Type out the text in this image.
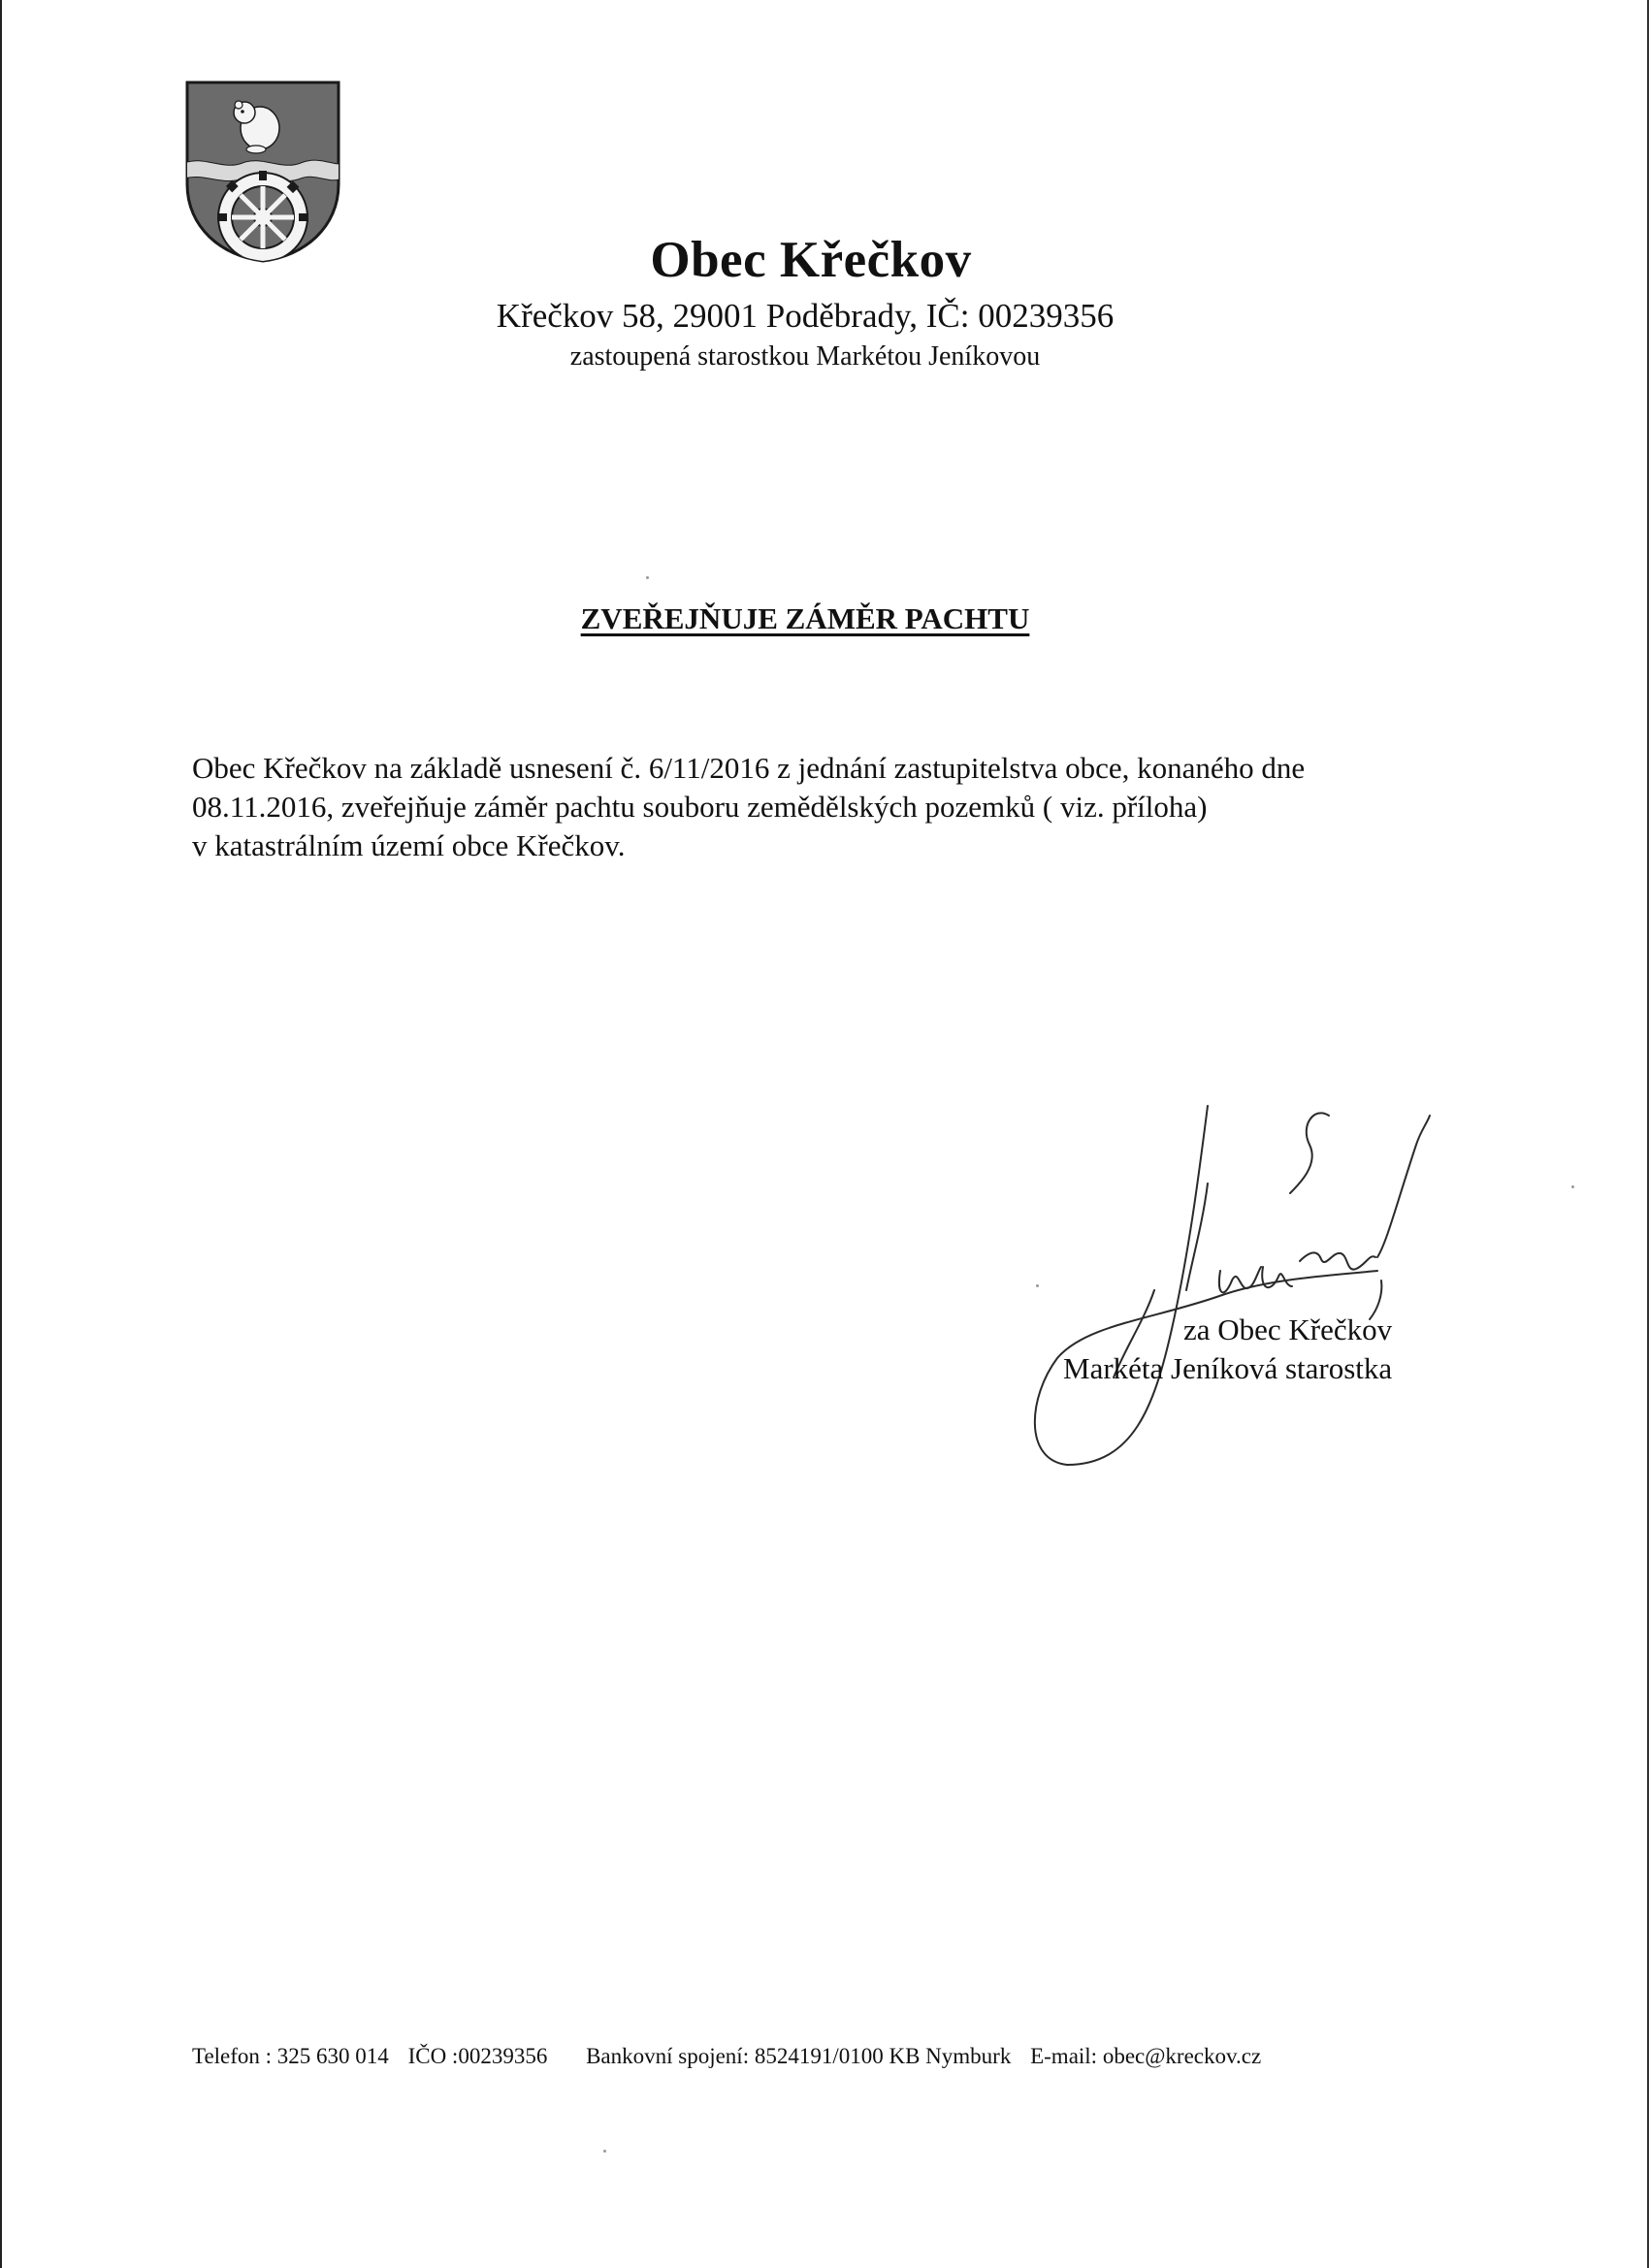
Obec Křečkov
Křečkov 58, 29001 Poděbrady, IČ: 00239356
zastoupená starostkou Markétou Jeníkovou
ZVEŘEJŇUJE ZÁMĚR PACHTU
Obec Křečkov na základě usnesení č. 6/11/2016 z jednání zastupitelstva obce, konaného dne
08.11.2016, zveřejňuje záměr pachtu souboru zemědělských pozemků ( viz. příloha)
v katastrálním území obce Křečkov.
za Obec Křečkov
Markéta Jeníková starostka
Telefon : 325 630 014 IČO :00239356 Bankovní spojení: 8524191/0100 KB Nymburk E-mail: obec@kreckov.cz
